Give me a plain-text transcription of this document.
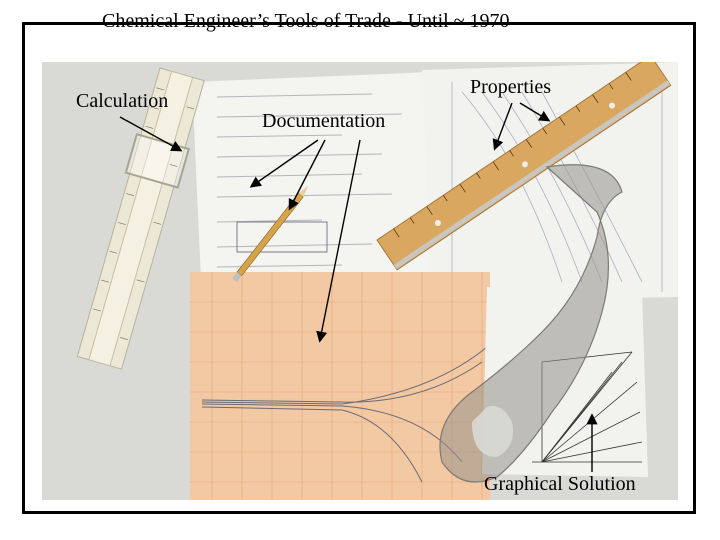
Chemical Engineer’s Tools of Trade - Until ~ 1970
Calculation
Documentation
Properties
Graphical Solution
